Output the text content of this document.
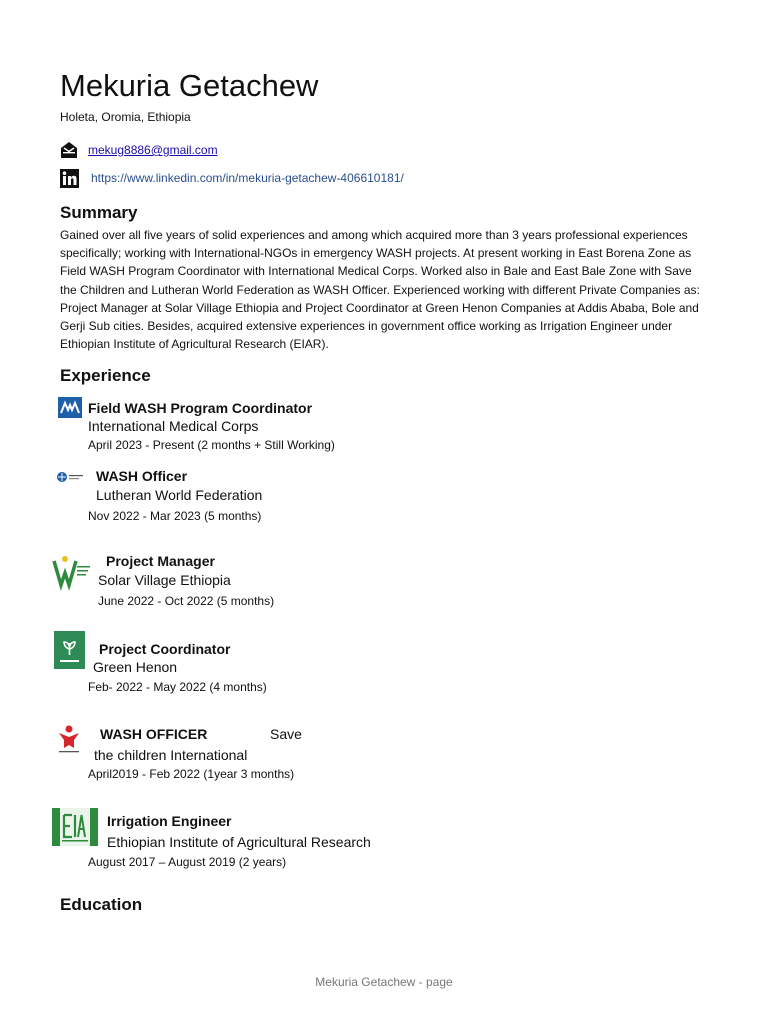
Mekuria Getachew
Holeta, Oromia, Ethiopia
mekug8886@gmail.com
https://www.linkedin.com/in/mekuria-getachew-406610181/
Summary

Gained over all five years of solid experiences and among which acquired more than 3 years professional experiences specifically; working with International-NGOs in emergency WASH projects. At present working in East Borena Zone as Field WASH Program Coordinator with International Medical Corps. Worked also in Bale and East Bale Zone with Save the Children and Lutheran World Federation as WASH Officer. Experienced working with different Private Companies as: Project Manager at Solar Village Ethiopia and Project Coordinator at Green Henon Companies at Addis Ababa, Bole and Gerji Sub cities. Besides, acquired extensive experiences in government office working as Irrigation Engineer under Ethiopian Institute of Agricultural Research (EIAR).

Experience
Field WASH Program Coordinator
International Medical Corps
April 2023 - Present (2 months + Still Working)
WASH Officer
Lutheran World Federation
Nov 2022 - Mar 2023 (5 months)
Project Manager
Solar Village Ethiopia
June 2022 - Oct 2022 (5 months)
Project Coordinator
Green Henon
Feb- 2022 - May 2022 (4 months)
WASH OFFICER	Save
the children International
April2019 - Feb 2022 (1year 3 months)
Irrigation Engineer
Ethiopian Institute of Agricultural Research
August 2017 – August 2019 (2 years)
Education
Mekuria Getachew - page
